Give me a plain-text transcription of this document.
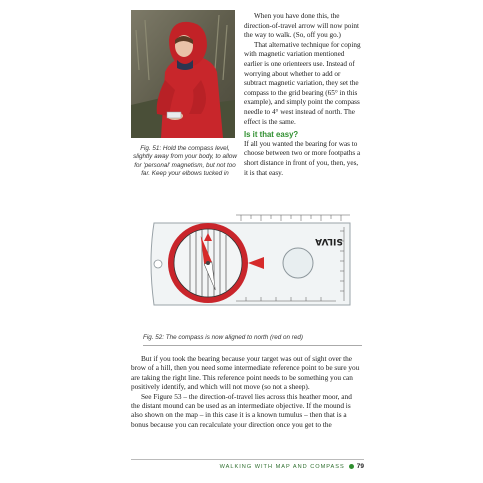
Fig. 51: Hold the compass level, slightly away from your body, to allow for 'personal' magnetism, but not too far. Keep your elbows tucked in

When you have done this, the direction-of-travel arrow will now point the way to walk. (So, off you go.)

That alternative technique for coping with magnetic variation mentioned earlier is one orienteers use. Instead of worrying about whether to add or subtract magnetic variation, they set the compass to the grid bearing (65° in this example), and simply point the compass needle to 4° west instead of north. The effect is the same.

Is it that easy?

If all you wanted the bearing for was to choose between two or more footpaths a short distance in front of you, then, yes, it is that easy.

SILVA
Fig. 52: The compass is now aligned to north (red on red)

But if you took the bearing because your target was out of sight over the brow of a hill, then you need some intermediate reference point to be sure you are taking the right line. This reference point needs to be something you can positively identify, and which will not move (so not a sheep).

See Figure 53 – the direction-of-travel lies across this heather moor, and the distant mound can be used as an intermediate objective. If the mound is also shown on the map – in this case it is a known tumulus – then that is a bonus because you can recalculate your direction once you get to the

WALKING WITH MAP AND COMPASS 79
